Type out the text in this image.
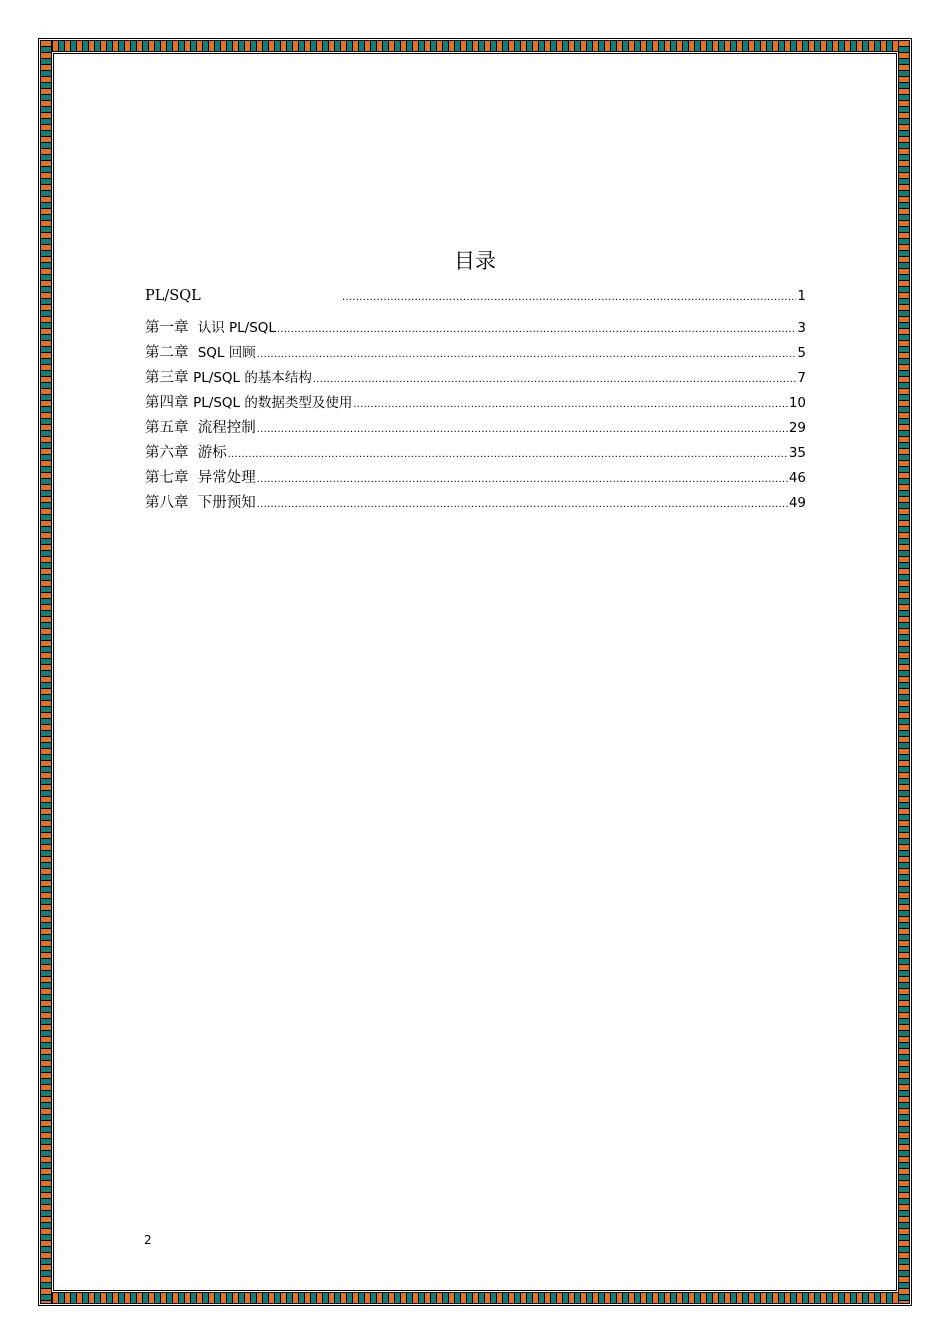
目录
PL/SQL .....	1
第一章 认识 PL/SQL .....	3
第二章 SQL 回顾 .....	5
第三章 PL/SQL 的基本结构 .....	7
第四章 PL/SQL 的数据类型及使用 .....	10
第五章 流程控制 .....	29
第六章 游标 .....	35
第七章 异常处理 .....	46
第八章 下册预知 .....	49
2
